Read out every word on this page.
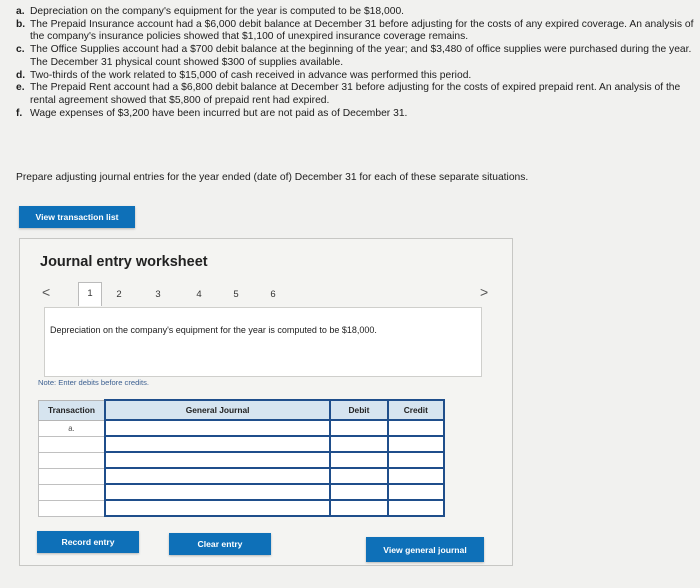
a. Depreciation on the company's equipment for the year is computed to be $18,000.
b. The Prepaid Insurance account had a $6,000 debit balance at December 31 before adjusting for the costs of any expired coverage. An analysis of the company's insurance policies showed that $1,100 of unexpired insurance coverage remains.
c. The Office Supplies account had a $700 debit balance at the beginning of the year; and $3,480 of office supplies were purchased during the year. The December 31 physical count showed $300 of supplies available.
d. Two-thirds of the work related to $15,000 of cash received in advance was performed this period.
e. The Prepaid Rent account had a $6,800 debit balance at December 31 before adjusting for the costs of expired prepaid rent. An analysis of the rental agreement showed that $5,800 of prepaid rent had expired.
f. Wage expenses of $3,200 have been incurred but are not paid as of December 31.
Prepare adjusting journal entries for the year ended (date of) December 31 for each of these separate situations.
View transaction list
Journal entry worksheet
<	1	2	3	4	5	6	>
Depreciation on the company's equipment for the year is computed to be $18,000.
Note: Enter debits before credits.
Transaction	General Journal	Debit	Credit
a.			

Record entry	Clear entry
View general journal
